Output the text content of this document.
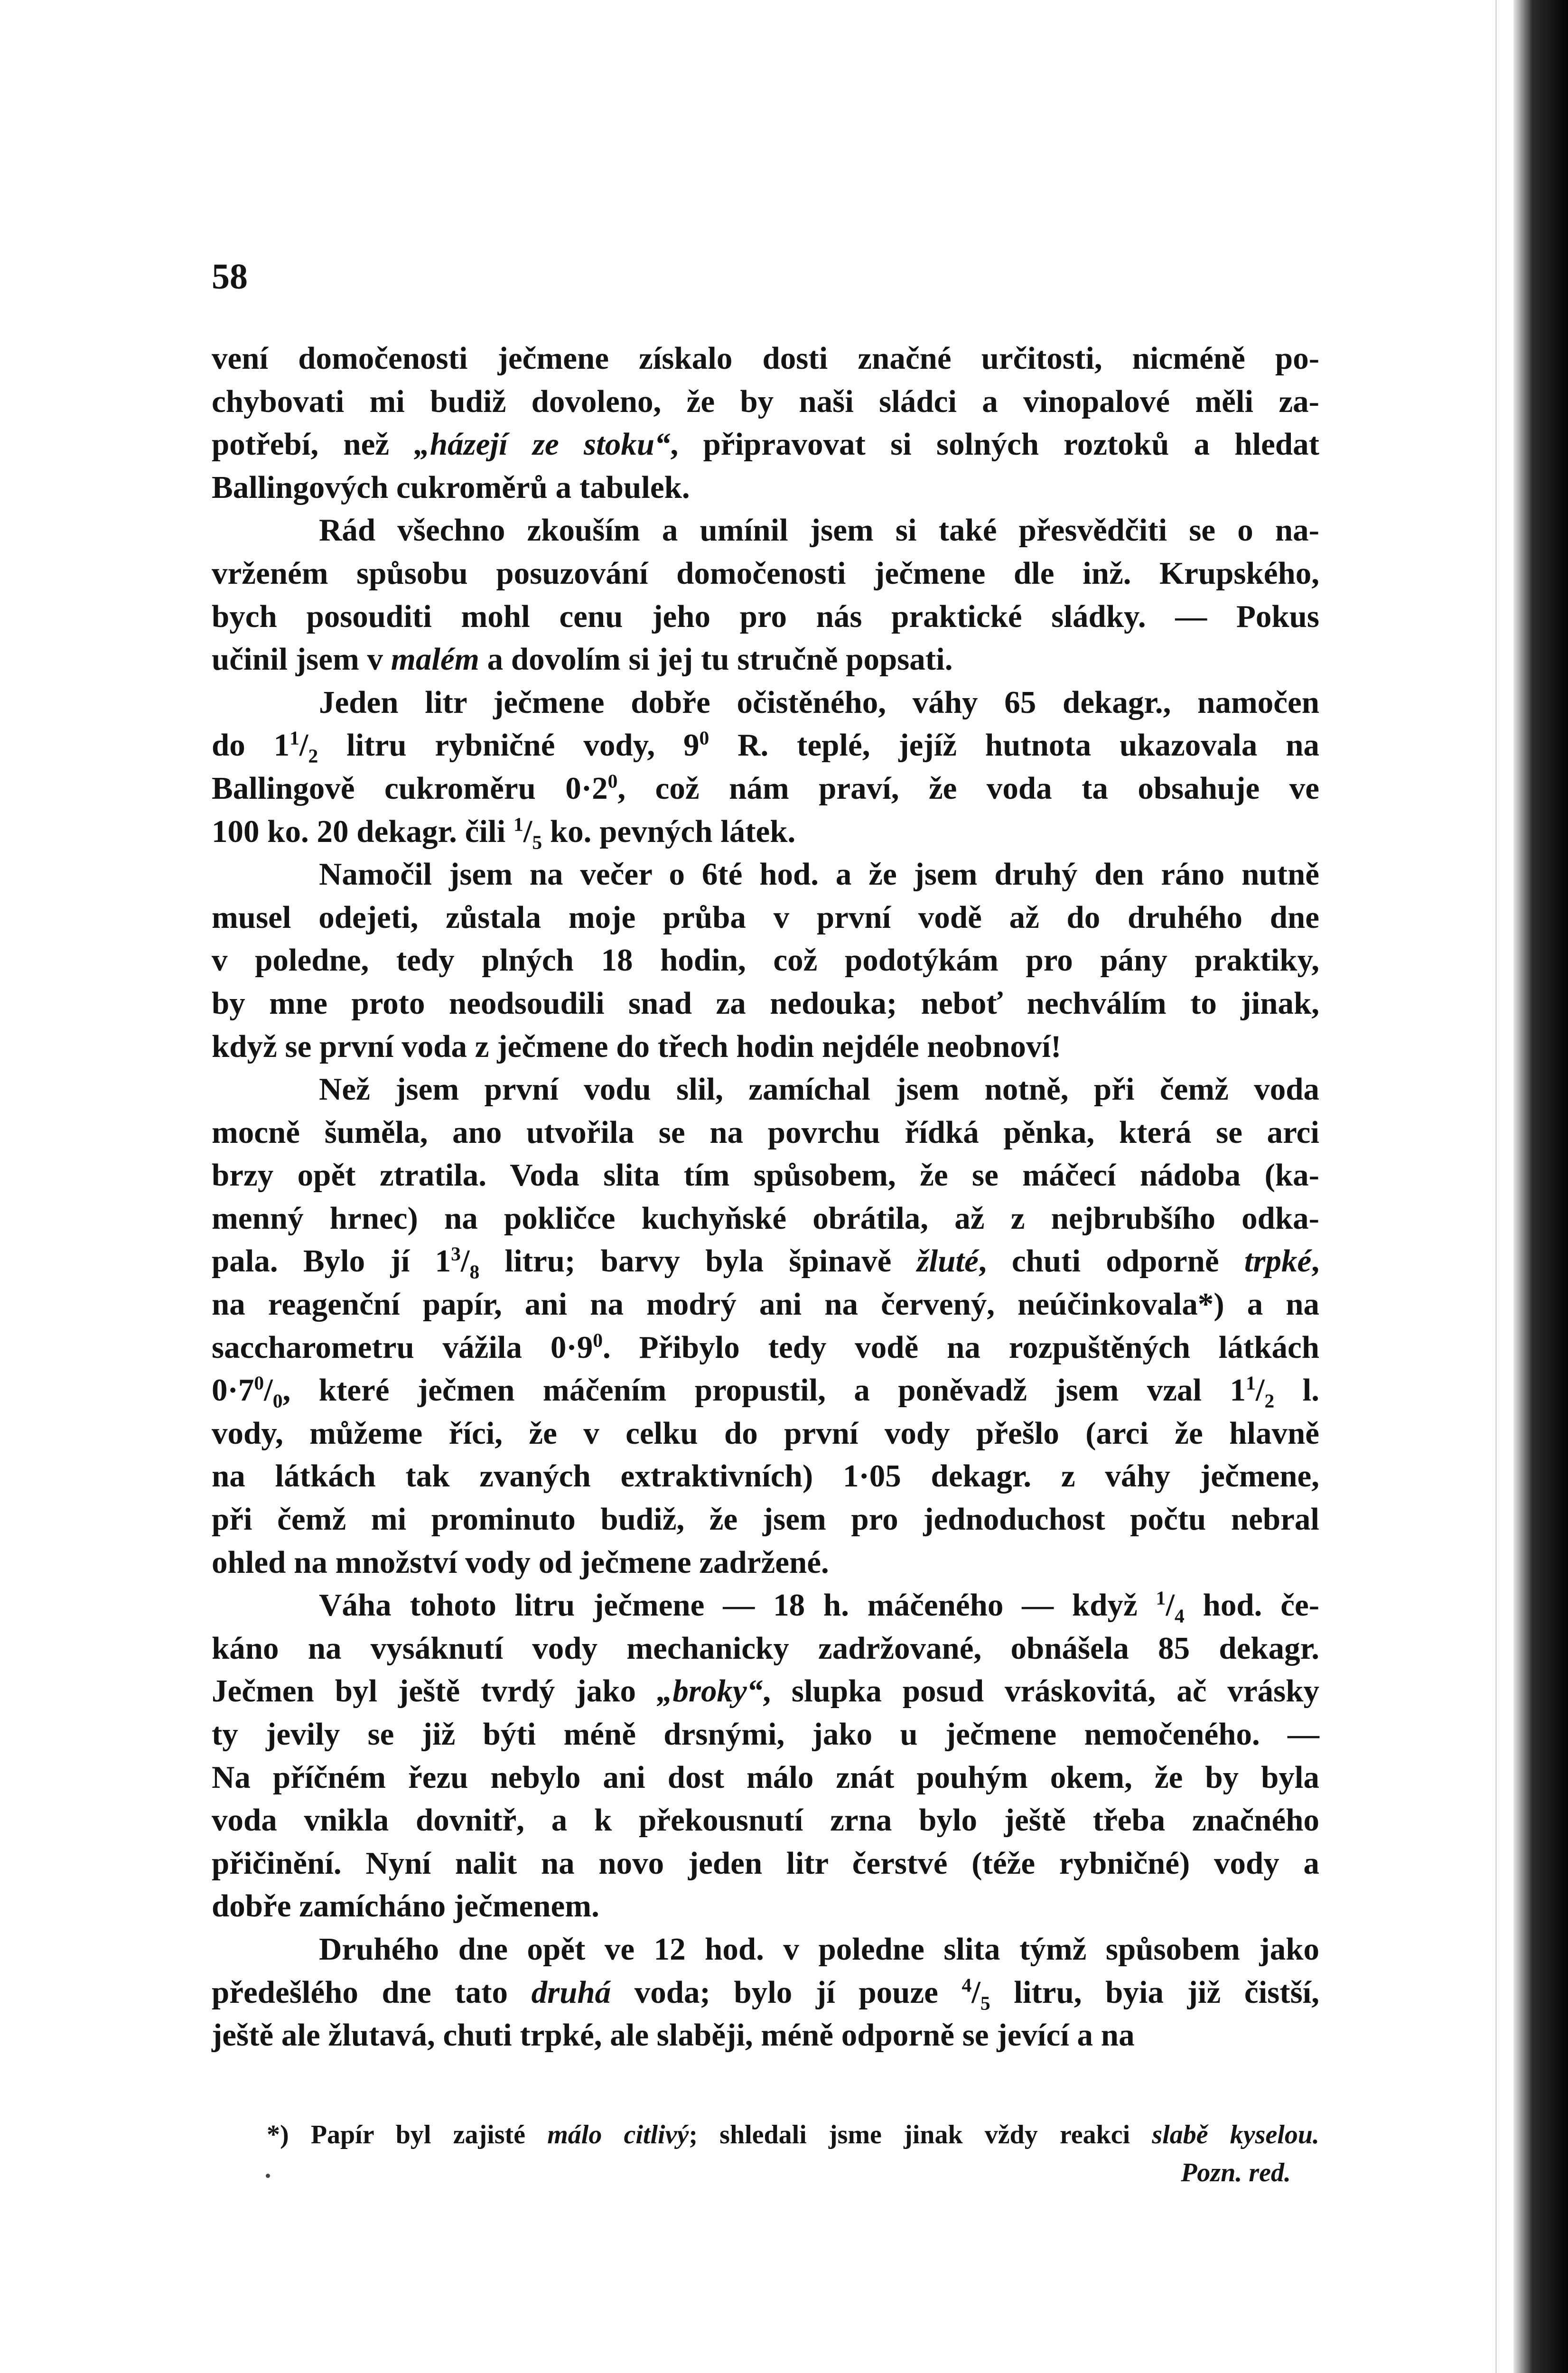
58
vení domočenosti ječmene získalo dosti značné určitosti, nicméně po-
chybovati mi budiž dovoleno, že by naši sládci a vinopalové měli za-
potřebí, než „házejí ze stoku“, připravovat si solných roztoků a hledat
Ballingových cukroměrů a tabulek.
Rád všechno zkouším a umínil jsem si také přesvědčiti se o na-
vrženém spůsobu posuzování domočenosti ječmene dle inž. Krupského,
bych posouditi mohl cenu jeho pro nás praktické sládky. — Pokus
učinil jsem v malém a dovolím si jej tu stručně popsati.
Jeden litr ječmene dobře očistěného, váhy 65 dekagr., namočen
do $1^1/_2$ litru rybničné vody, $9^0$ R. teplé, jejíž hutnota ukazovala na
Ballingově cukroměru $0\cdot 2^0$, což nám praví, že voda ta obsahuje ve
100 ko. 20 dekagr. čili $^1/_5$ ko. pevných látek.
Namočil jsem na večer o 6té hod. a že jsem druhý den ráno nutně
musel odejeti, zůstala moje průba v první vodě až do druhého dne
v poledne, tedy plných 18 hodin, což podotýkám pro pány praktiky,
by mne proto neodsoudili snad za nedouka; neboť nechválím to jinak,
když se první voda z ječmene do třech hodin nejdéle neobnoví!
Než jsem první vodu slil, zamíchal jsem notně, při čemž voda
mocně šuměla, ano utvořila se na povrchu řídká pěnka, která se arci
brzy opět ztratila. Voda slita tím spůsobem, že se máčecí nádoba (ka-
menný hrnec) na pokličce kuchyňské obrátila, až z nejbrubšího odka-
pala. Bylo jí $1^3/_8$ litru; barvy byla špinavě žluté, chuti odporně trpké,
na reagenční papír, ani na modrý ani na červený, neúčinkovala*) a na
saccharometru vážila $0\cdot 9^0$. Přibylo tedy vodě na rozpuštěných látkách
$0\cdot 7^0/_0$, které ječmen máčením propustil, a poněvadž jsem vzal $1^1/_2$ l.
vody, můžeme říci, že v celku do první vody přešlo (arci že hlavně
na látkách tak zvaných extraktivních) 1·05 dekagr. z váhy ječmene,
při čemž mi prominuto budiž, že jsem pro jednoduchost počtu nebral
ohled na množství vody od ječmene zadržené.
Váha tohoto litru ječmene — 18 h. máčeného — když $^1/_4$ hod. če-
káno na vysáknutí vody mechanicky zadržované, obnášela 85 dekagr.
Ječmen byl ještě tvrdý jako „broky“, slupka posud vráskovitá, ač vrásky
ty jevily se již býti méně drsnými, jako u ječmene nemočeného. —
Na příčném řezu nebylo ani dost málo znát pouhým okem, že by byla
voda vnikla dovnitř, a k překousnutí zrna bylo ještě třeba značného
přičinění. Nyní nalit na novo jeden litr čerstvé (téže rybničné) vody a
dobře zamícháno ječmenem.
Druhého dne opět ve 12 hod. v poledne slita týmž spůsobem jako
předešlého dne tato druhá voda; bylo jí pouze $^4/_5$ litru, byia již čistší,
ještě ale žlutavá, chuti trpké, ale slaběji, méně odporně se jevící a na
*) Papír byl zajisté málo citlivý; shledali jsme jinak vždy reakci slabě kyselou.
Pozn. red.
